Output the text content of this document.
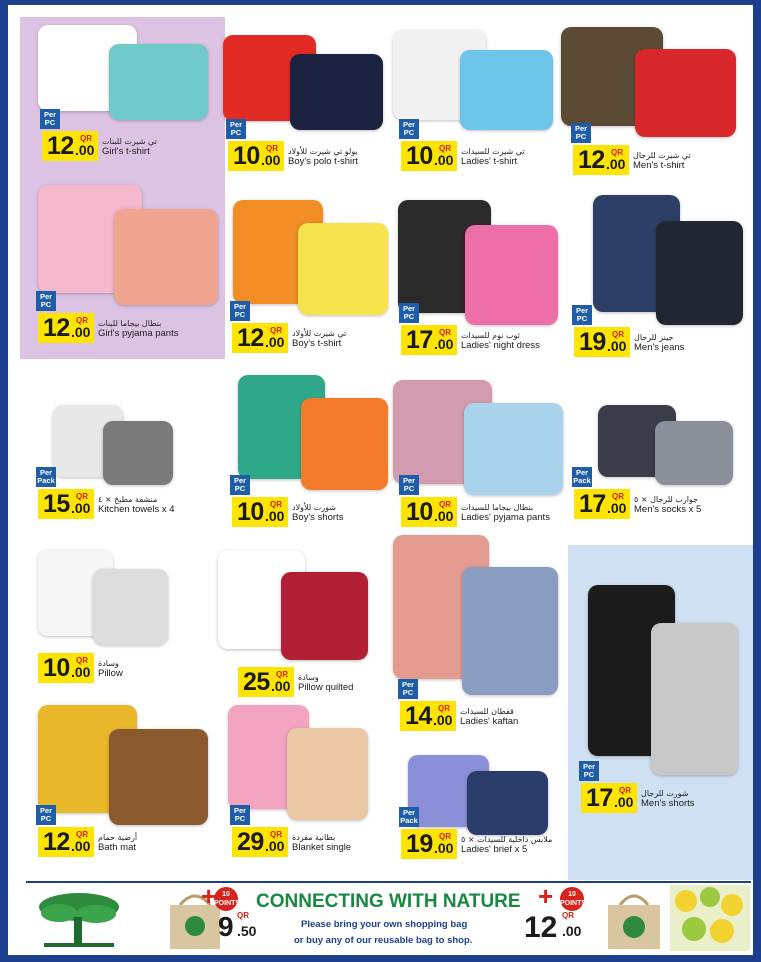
Per PC
12 QR
.00
تي شيرت للبنات
Girl's t-shirt
Per PC
10 QR
.00
بولو تي شيرت للأولاد
Boy's polo t-shirt
Per PC
10 QR
.00
تي شيرت للسيدات
Ladies' t-shirt
Per PC
12 QR
.00
تي شيرت للرجال
Men's t-shirt
Per PC
12 QR
.00
بنطال بيجاما للبنات
Girl's pyjama pants
Per PC
12 QR
.00
تي شيرت للأولاد
Boy's t-shirt
Per PC
17 QR
.00
ثوب نوم للسيدات
Ladies' night dress
Per PC
19 QR
.00
جينز للرجال
Men's jeans
Per Pack
15 QR
.00
منشفة مطبخ × ٤
Kitchen towels x 4
Per PC
10 QR
.00
شورت للأولاد
Boy's shorts
Per PC
10 QR
.00
بنطال بيجاما للسيدات
Ladies' pyjama pants
Per Pack
17 QR
.00
جوارب للرجال × ٥
Men's socks x 5
10 QR
.00
وسادة
Pillow	25 QR
.00
وسادة
Pillow quilted	Per PC
14 QR
.00
قفطان للسيدات
Ladies' kaftan
Per PC
17 QR
.00
شورت للرجال
Men's shorts
Per PC
12 QR
.00
أرضية حمام
Bath mat
Per PC
29 QR
.00
بطانية مفردة
Blanket single
Per Pack
19 QR
.00
ملابس داخلية للسيدات × ٥
Ladies' brief x 5
10 POINTS
+
9 QR
.50
CONNECTING WITH NATURE
Please bring your own shopping bag
or buy any of our reusable bag to shop.
+	10 POINTS
12 QR
.00
